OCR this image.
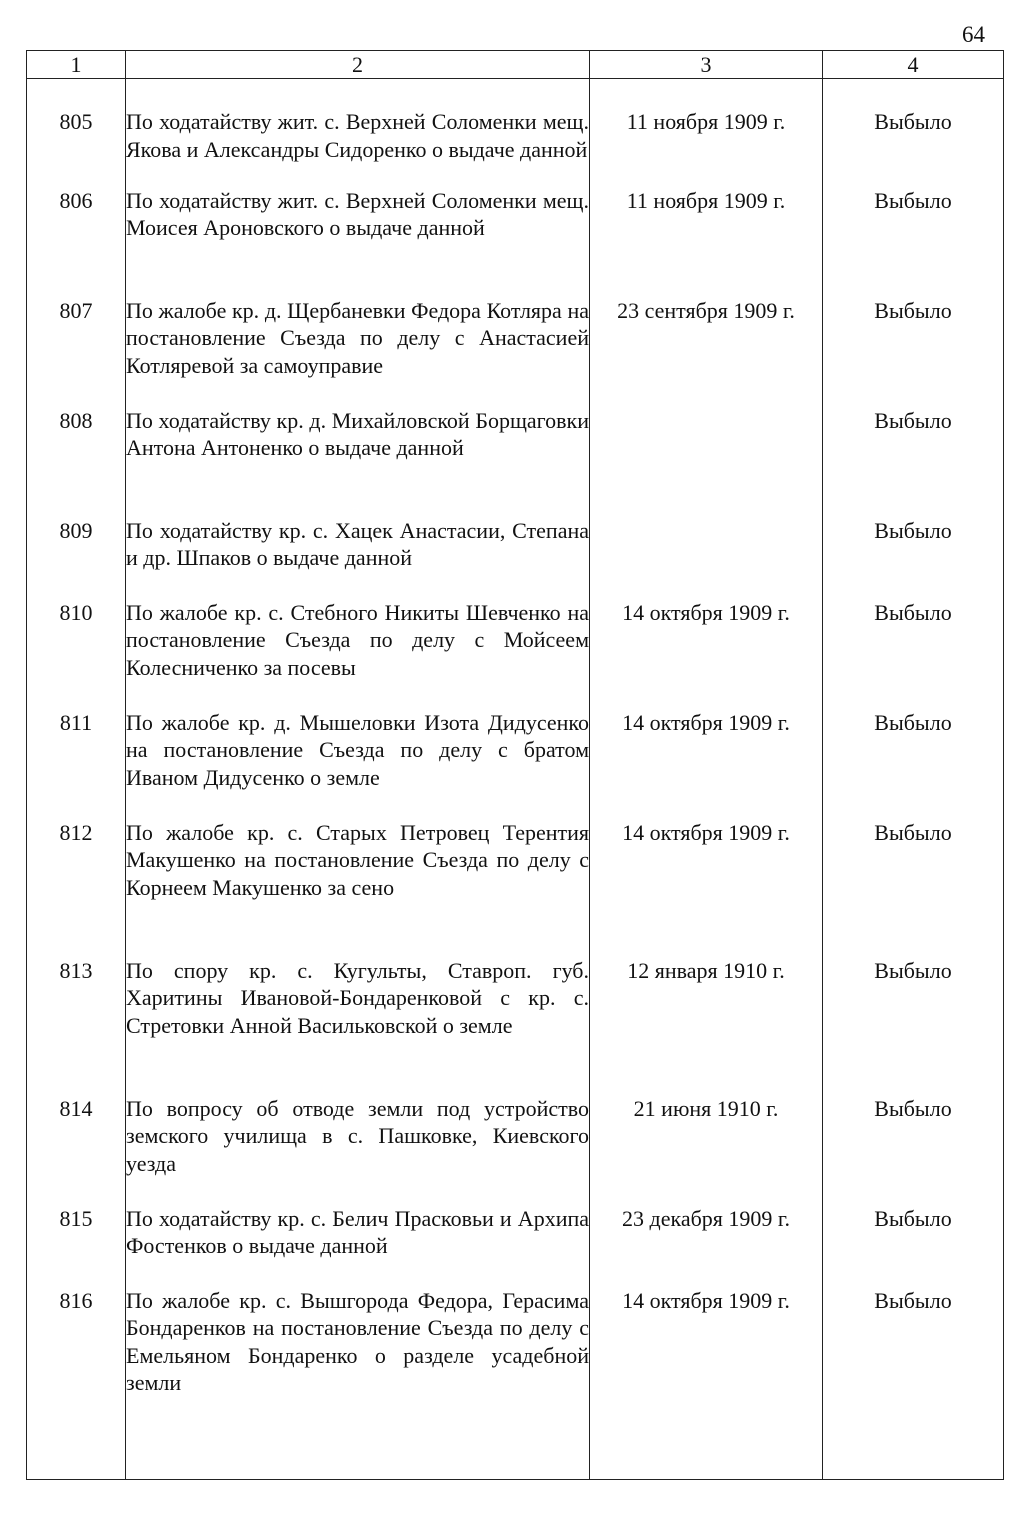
64
1	2	3	4

805	По ходатайству жит. с. Верхней Соломенки мещ. Якова и Александры Сидоренко о выдаче данной	11 ноября 1909 г.	Выбыло

806	По ходатайству жит. с. Верхней Соломенки мещ. Моисея Ароновского о выдаче данной	11 ноября 1909 г.	Выбыло

807	По жалобе кр. д. Щербаневки Федора Котляра на постановление Съезда по делу с Анастасией Котляревой за самоуправие	23 сентября 1909 г.	Выбыло

808	По ходатайству кр. д. Михайловской Борщаговки Антона Антоненко о выдаче данной		Выбыло

809	По ходатайству кр. с. Хацек Анастасии, Степана и др. Шпаков о выдаче данной		Выбыло

810	По жалобе кр. с. Стебного Никиты Шевченко на постановление Съезда по делу с Мойсеем Колесниченко за посевы	14 октября 1909 г.	Выбыло

811	По жалобе кр. д. Мышеловки Изота Дидусенко на постановление Съезда по делу с братом Иваном Дидусенко о земле	14 октября 1909 г.	Выбыло

812	По жалобе кр. с. Старых Петровец Терентия Макушенко на постановление Съезда по делу с Корнеем Макушенко за сено	14 октября 1909 г.	Выбыло

813	По спору кр. с. Кугульты, Ставроп. губ. Харитины Ивановой-Бондаренковой с кр. с. Стретовки Анной Васильковской о земле	12 января 1910 г.	Выбыло

814	По вопросу об отводе земли под устройство земского училища в с. Пашковке, Киевского уезда	21 июня 1910 г.	Выбыло

815	По ходатайству кр. с. Белич Прасковьи и Архипа Фостенков о выдаче данной	23 декабря 1909 г.	Выбыло

816	По жалобе кр. с. Вышгорода Федора, Герасима Бондаренков на постановление Съезда по делу с Емельяном Бондаренко о разделе усадебной земли	14 октября 1909 г.	Выбыло
